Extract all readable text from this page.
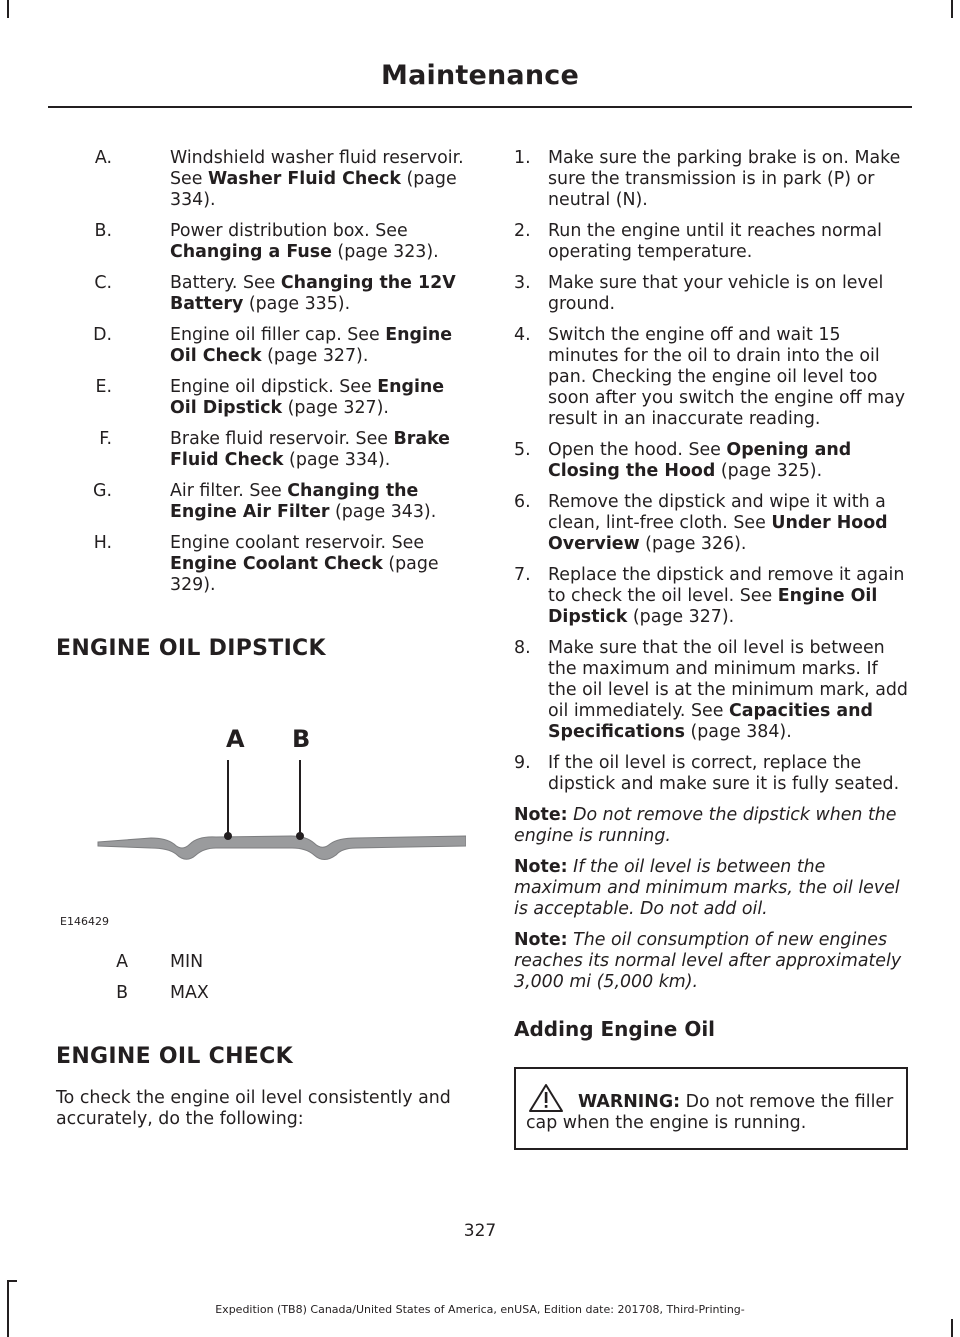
Maintenance
A.	Windshield washer fluid reservoir. See Washer Fluid Check (page 334).

B.	Power distribution box. See Changing a Fuse (page 323).

C.	Battery. See Changing the 12V Battery (page 335).

D.	Engine oil filler cap. See Engine Oil Check (page 327).

E.	Engine oil dipstick. See Engine Oil Dipstick (page 327).

F.	Brake fluid reservoir. See Brake Fluid Check (page 334).

G.	Air filter. See Changing the Engine Air Filter (page 343).

H.	Engine coolant reservoir. See Engine Coolant Check (page 329).

ENGINE OIL DIPSTICK
A B
E146429
A	MIN
B	MAX
ENGINE OIL CHECK

To check the engine oil level consistently and accurately, do the following:

1.	Make sure the parking brake is on. Make sure the transmission is in park (P) or neutral (N).

2.	Run the engine until it reaches normal operating temperature.

3.	Make sure that your vehicle is on level ground.

4.	Switch the engine off and wait 15 minutes for the oil to drain into the oil pan. Checking the engine oil level too soon after you switch the engine off may result in an inaccurate reading.

5.	Open the hood. See Opening and Closing the Hood (page 325).

6.	Remove the dipstick and wipe it with a clean, lint-free cloth. See Under Hood Overview (page 326).

7.	Replace the dipstick and remove it again to check the oil level. See Engine Oil Dipstick (page 327).

8.	Make sure that the oil level is between the maximum and minimum marks. If the oil level is at the minimum mark, add oil immediately. See Capacities and Specifications (page 384).

9.	If the oil level is correct, replace the dipstick and make sure it is fully seated.

Note: Do not remove the dipstick when the engine is running.

Note: If the oil level is between the maximum and minimum marks, the oil level is acceptable. Do not add oil.

Note: The oil consumption of new engines reaches its normal level after approximately 3,000 mi (5,000 km).

Adding Engine Oil

WARNING: Do not remove the filler cap when the engine is running.

327
Expedition (TB8) Canada/United States of America, enUSA, Edition date: 201708, Third-Printing-
